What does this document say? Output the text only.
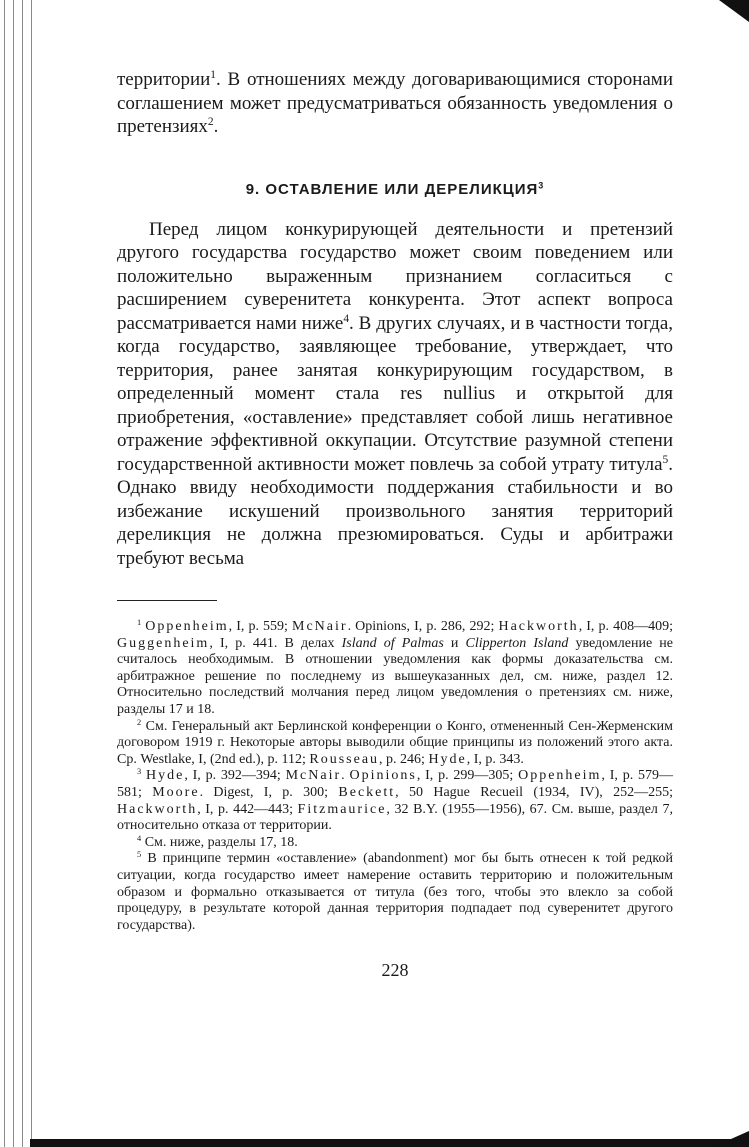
территории$^1$. В отношениях между договаривающимися сторонами соглашением может предусматриваться обязанность уведомления о претензиях$^2$.

9. ОСТАВЛЕНИЕ ИЛИ ДЕРЕЛИКЦИЯ$^3$

Перед лицом конкурирующей деятельности и претензий другого государства государство может своим поведением или положительно выраженным признанием согласиться с расширением суверенитета конкурента. Этот аспект вопроса рассматривается нами ниже$^4$. В других случаях, и в частности тогда, когда государство, заявляющее требование, утверждает, что территория, ранее занятая конкурирующим государством, в определенный момент стала res nullius и открытой для приобретения, «оставление» представляет собой лишь негативное отражение эффективной оккупации. Отсутствие разумной степени государственной активности может повлечь за собой утрату титула$^5$. Однако ввиду необходимости поддержания стабильности и во избежание искушений произвольного занятия территорий дереликция не должна презюмироваться. Суды и арбитражи требуют весьма

$^1$ Oppenheim, I, p. 559; McNair. Opinions, I, p. 286, 292; Hackworth, I, p. 408—409; Guggenheim, I, p. 441. В делах Island of Palmas и Clipperton Island уведомление не считалось необходимым. В отношении уведомления как формы доказательства см. арбитражное решение по последнему из вышеуказанных дел, см. ниже, раздел 12. Относительно последствий молчания перед лицом уведомления о претензиях см. ниже, разделы 17 и 18.

$^2$ См. Генеральный акт Берлинской конференции о Конго, отмененный Сен-Жерменским договором 1919 г. Некоторые авторы выводили общие принципы из положений этого акта. Ср. Westlake, I, (2nd ed.), p. 112; Rousseau, p. 246; Hyde, I, p. 343.

$^3$ Hyde, I, p. 392—394; McNair. Opinions, I, p. 299—305; Oppenheim, I, p. 579—581; Moore. Digest, I, p. 300; Beckett, 50 Hague Recueil (1934, IV), 252—255; Hackworth, I, p. 442—443; Fitzmaurice, 32 B.Y. (1955—1956), 67. См. выше, раздел 7, относительно отказа от территории.

$^4$ См. ниже, разделы 17, 18.

$^5$ В принципе термин «оставление» (abandonment) мог бы быть отнесен к той редкой ситуации, когда государство имеет намерение оставить территорию и положительным образом и формально отказывается от титула (без того, чтобы это влекло за собой процедуру, в результате которой данная территория подпадает под суверенитет другого государства).

228
